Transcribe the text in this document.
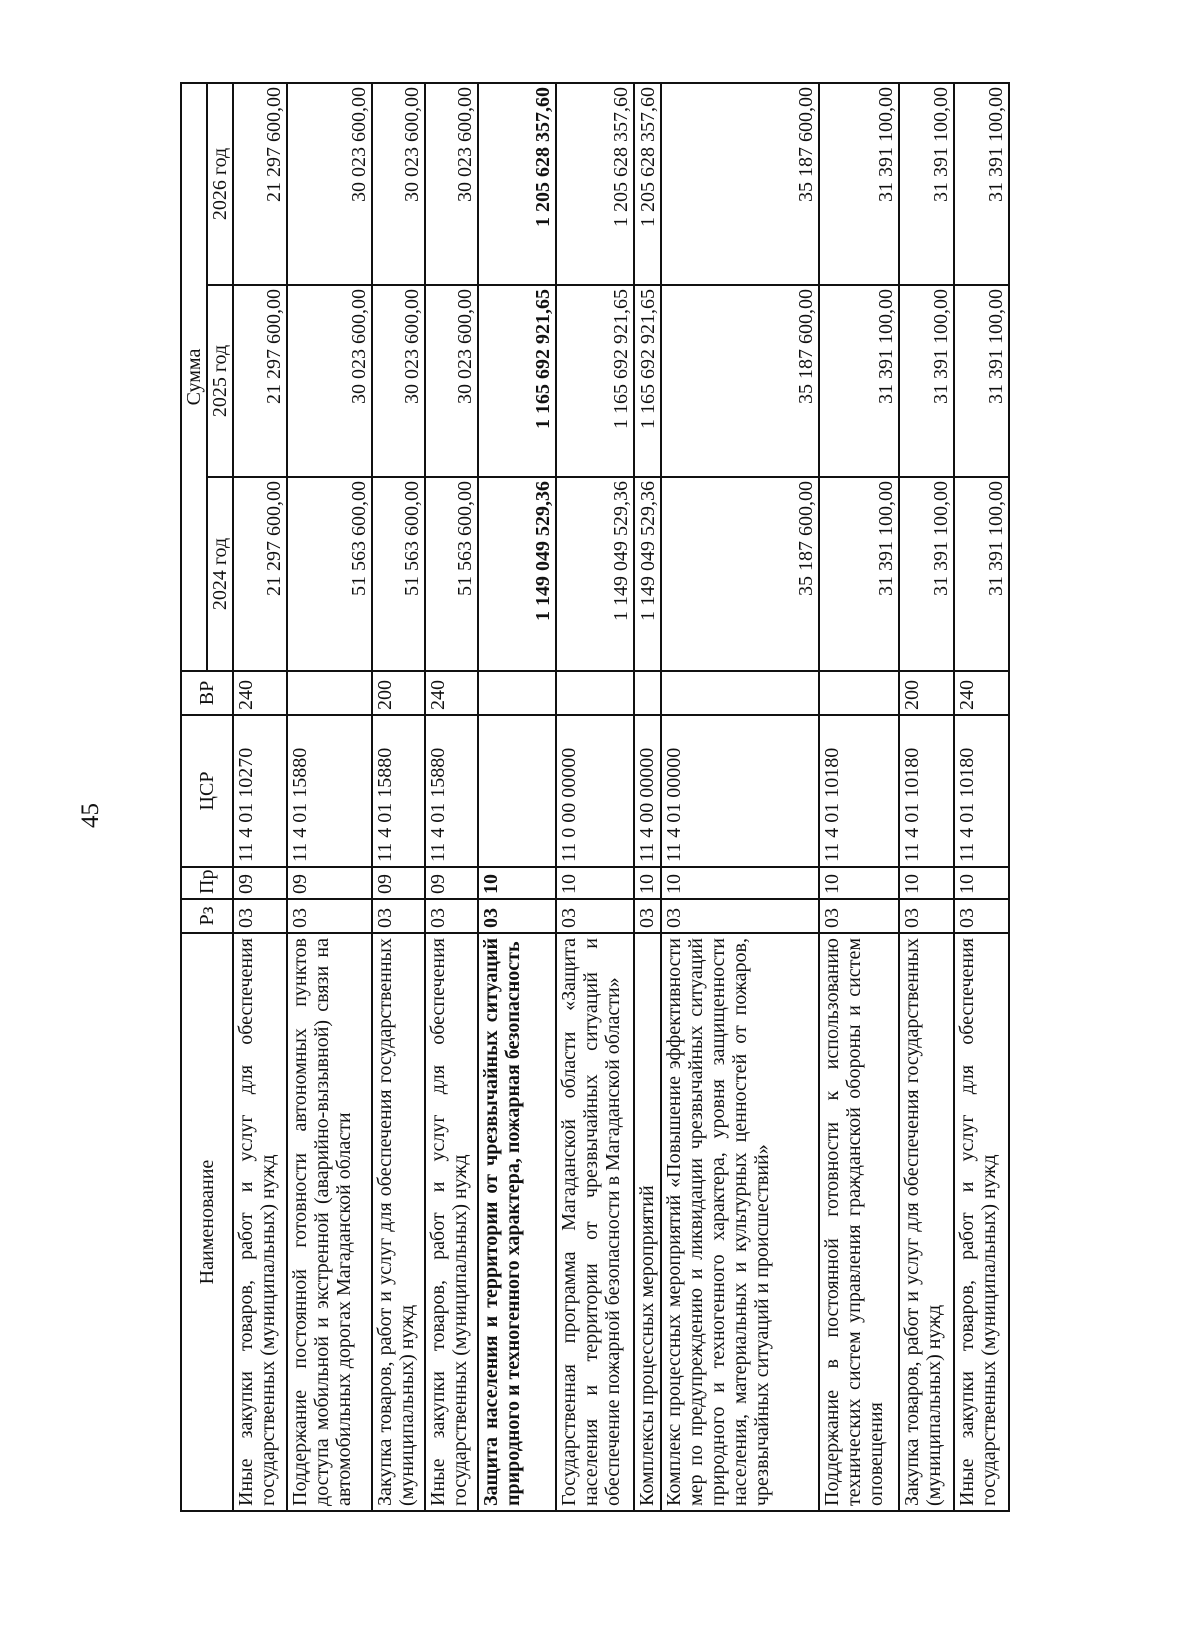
45
Наименование	Рз	Пр	ЦСР	ВР	Сумма		
					2024 год	2025 год	2026 год
Иные закупки товаров, работ и услуг для обеспечения государственных (муниципальных) нужд	03	09	11 4 01 10270	240	21 297 600,00	21 297 600,00	21 297 600,00
Поддержание постоянной готовности автономных пунктов доступа мобильной и экстренной (аварийно-вызывной) связи на автомобильных дорогах Магаданской области	03	09	11 4 01 15880		51 563 600,00	30 023 600,00	30 023 600,00
Закупка товаров, работ и услуг для обеспечения государственных (муниципальных) нужд	03	09	11 4 01 15880	200	51 563 600,00	30 023 600,00	30 023 600,00
Иные закупки товаров, работ и услуг для обеспечения государственных (муниципальных) нужд	03	09	11 4 01 15880	240	51 563 600,00	30 023 600,00	30 023 600,00
Защита населения и территории от чрезвычайных ситуаций природного и техногенного характера, пожарная безопасность	03	10			1 149 049 529,36	1 165 692 921,65	1 205 628 357,60
Государственная программа Магаданской области «Защита населения и территории от чрезвычайных ситуаций и обеспечение пожарной безопасности в Магаданской области»	03	10	11 0 00 00000		1 149 049 529,36	1 165 692 921,65	1 205 628 357,60
Комплексы процессных мероприятий	03	10	11 4 00 00000		1 149 049 529,36	1 165 692 921,65	1 205 628 357,60
Комплекс процессных мероприятий «Повышение эффективности мер по предупреждению и ликвидации чрезвычайных ситуаций природного и техногенного характера, уровня защищенности населения, материальных и культурных ценностей от пожаров, чрезвычайных ситуаций и происшествий»	03	10	11 4 01 00000		35 187 600,00	35 187 600,00	35 187 600,00
Поддержание в постоянной готовности к использованию технических систем управления гражданской обороны и систем оповещения	03	10	11 4 01 10180		31 391 100,00	31 391 100,00	31 391 100,00
Закупка товаров, работ и услуг для обеспечения государственных (муниципальных) нужд	03	10	11 4 01 10180	200	31 391 100,00	31 391 100,00	31 391 100,00
Иные закупки товаров, работ и услуг для обеспечения государственных (муниципальных) нужд	03	10	11 4 01 10180	240	31 391 100,00	31 391 100,00	31 391 100,00
